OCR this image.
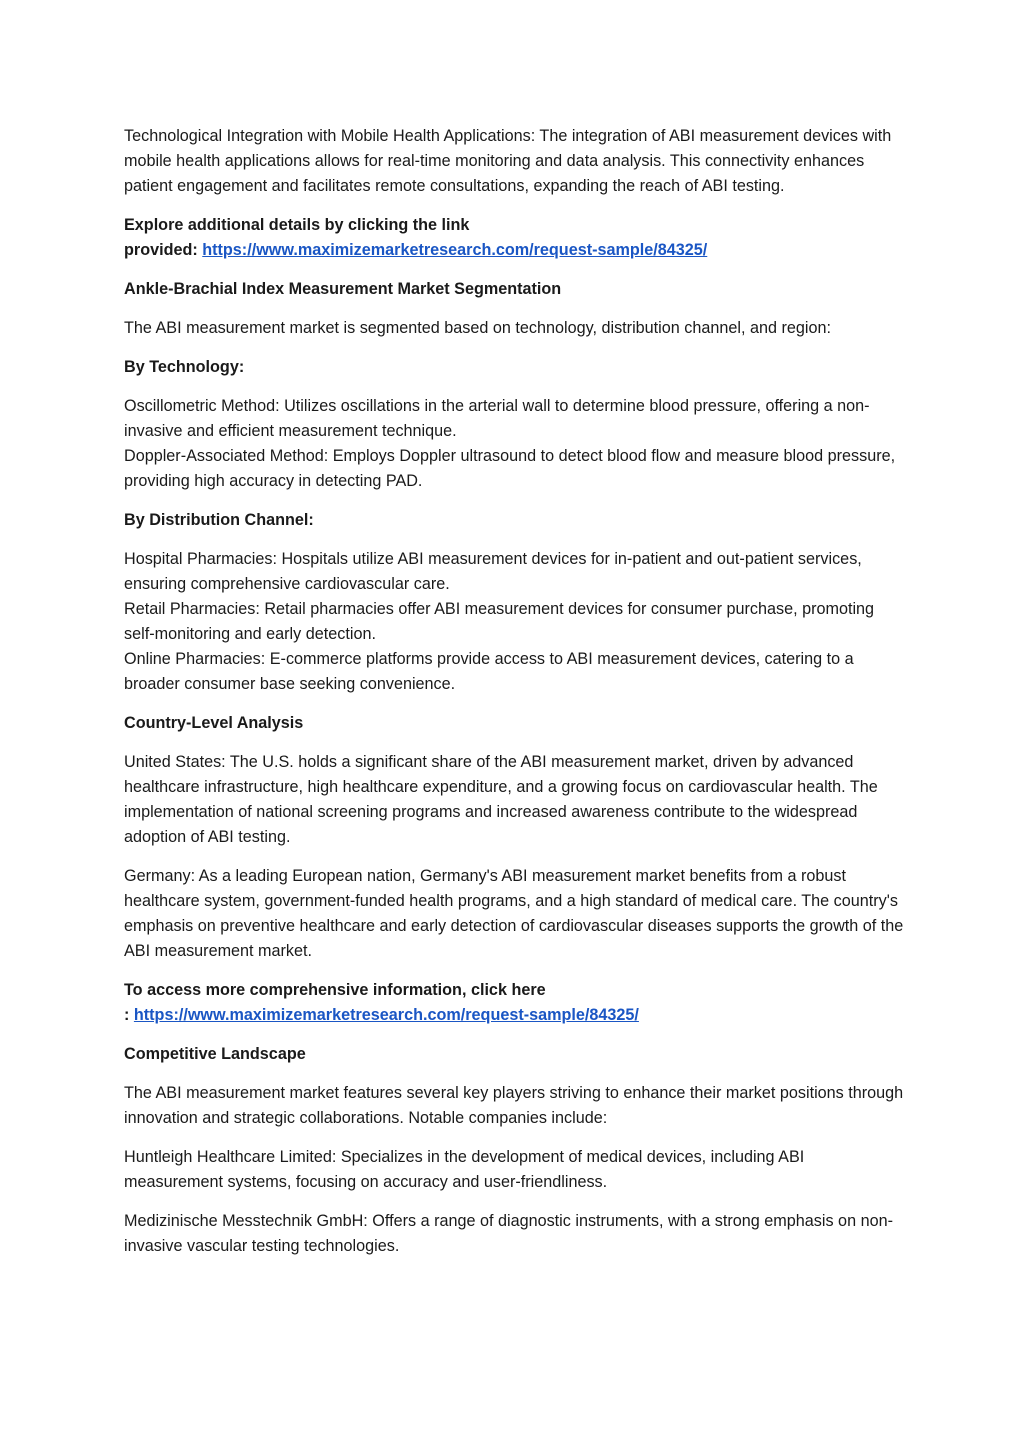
Technological Integration with Mobile Health Applications: The integration of ABI measurement devices with mobile health applications allows for real-time monitoring and data analysis. This connectivity enhances patient engagement and facilitates remote consultations, expanding the reach of ABI testing.

Explore additional details by clicking the link
provided: https://www.maximizemarketresearch.com/request-sample/84325/

Ankle-Brachial Index Measurement Market Segmentation

The ABI measurement market is segmented based on technology, distribution channel, and region:

By Technology:

Oscillometric Method: Utilizes oscillations in the arterial wall to determine blood pressure, offering a non-invasive and efficient measurement technique.

Doppler-Associated Method: Employs Doppler ultrasound to detect blood flow and measure blood pressure, providing high accuracy in detecting PAD.

By Distribution Channel:

Hospital Pharmacies: Hospitals utilize ABI measurement devices for in-patient and out-patient services, ensuring comprehensive cardiovascular care.

Retail Pharmacies: Retail pharmacies offer ABI measurement devices for consumer purchase, promoting self-monitoring and early detection.

Online Pharmacies: E-commerce platforms provide access to ABI measurement devices, catering to a broader consumer base seeking convenience.

Country-Level Analysis

United States: The U.S. holds a significant share of the ABI measurement market, driven by advanced healthcare infrastructure, high healthcare expenditure, and a growing focus on cardiovascular health. The implementation of national screening programs and increased awareness contribute to the widespread adoption of ABI testing.

Germany: As a leading European nation, Germany's ABI measurement market benefits from a robust healthcare system, government-funded health programs, and a high standard of medical care. The country's emphasis on preventive healthcare and early detection of cardiovascular diseases supports the growth of the ABI measurement market.

To access more comprehensive information, click here
: https://www.maximizemarketresearch.com/request-sample/84325/

Competitive Landscape

The ABI measurement market features several key players striving to enhance their market positions through innovation and strategic collaborations. Notable companies include:

Huntleigh Healthcare Limited: Specializes in the development of medical devices, including ABI measurement systems, focusing on accuracy and user-friendliness.

Medizinische Messtechnik GmbH: Offers a range of diagnostic instruments, with a strong emphasis on non-invasive vascular testing technologies.
